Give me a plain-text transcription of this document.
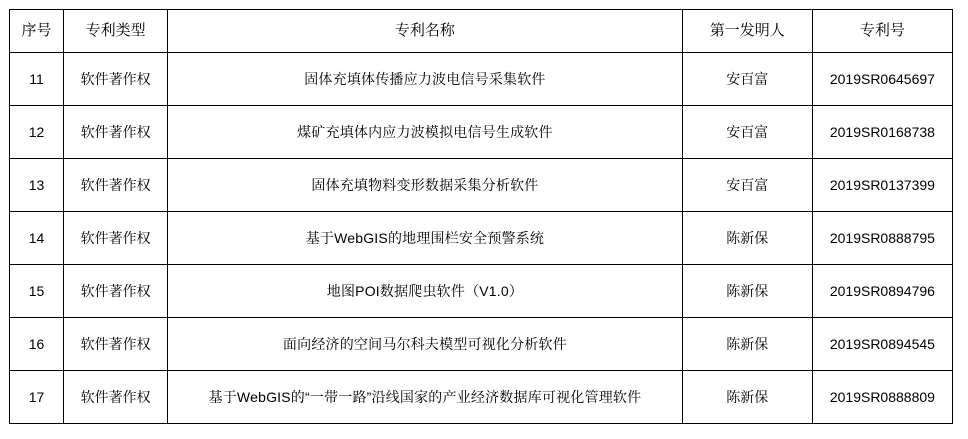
序号	专利类型	专利名称	第一发明人	专利号
11	软件著作权	固体充填体传播应力波电信号采集软件	安百富	2019SR0645697
12	软件著作权	煤矿充填体内应力波模拟电信号生成软件	安百富	2019SR0168738
13	软件著作权	固体充填物料变形数据采集分析软件	安百富	2019SR0137399
14	软件著作权	基于WebGIS的地理围栏安全预警系统	陈新保	2019SR0888795
15	软件著作权	地图POI数据爬虫软件（V1.0）	陈新保	2019SR0894796
16	软件著作权	面向经济的空间马尔科夫模型可视化分析软件	陈新保	2019SR0894545
17	软件著作权	基于WebGIS的“一带一路”沿线国家的产业经济数据库可视化管理软件	陈新保	2019SR0888809
